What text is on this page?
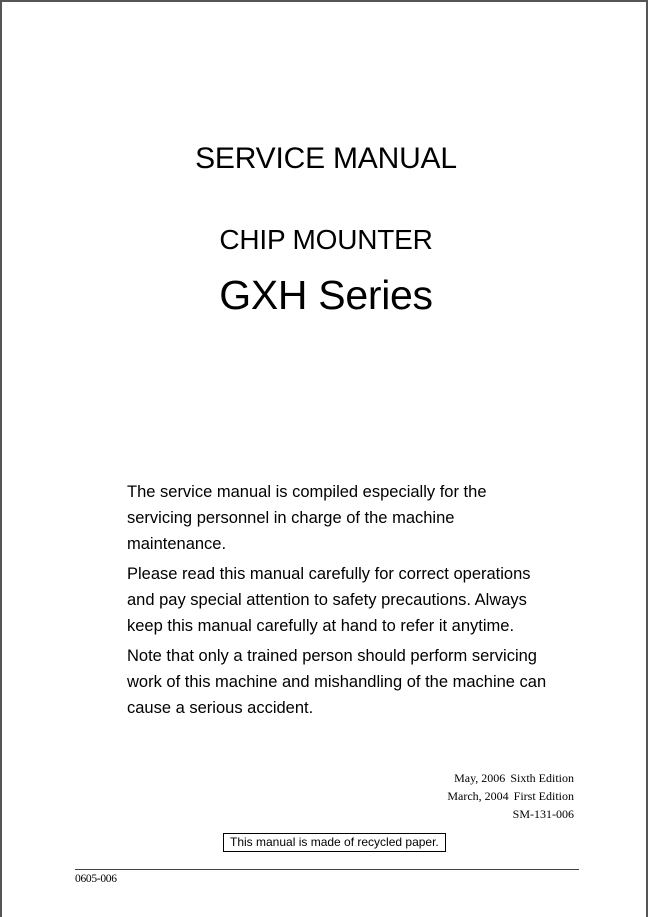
SERVICE MANUAL
CHIP MOUNTER
GXH Series

The service manual is compiled especially for the servicing personnel in charge of the machine maintenance.

Please read this manual carefully for correct operations and pay special attention to safety precautions. Always keep this manual carefully at hand to refer it anytime.

Note that only a trained person should perform servicing work of this machine and mishandling of the machine can cause a serious accident.

May, 2006 Sixth Edition
March, 2004 First Edition
SM-131-006
This manual is made of recycled paper.
0605-006
